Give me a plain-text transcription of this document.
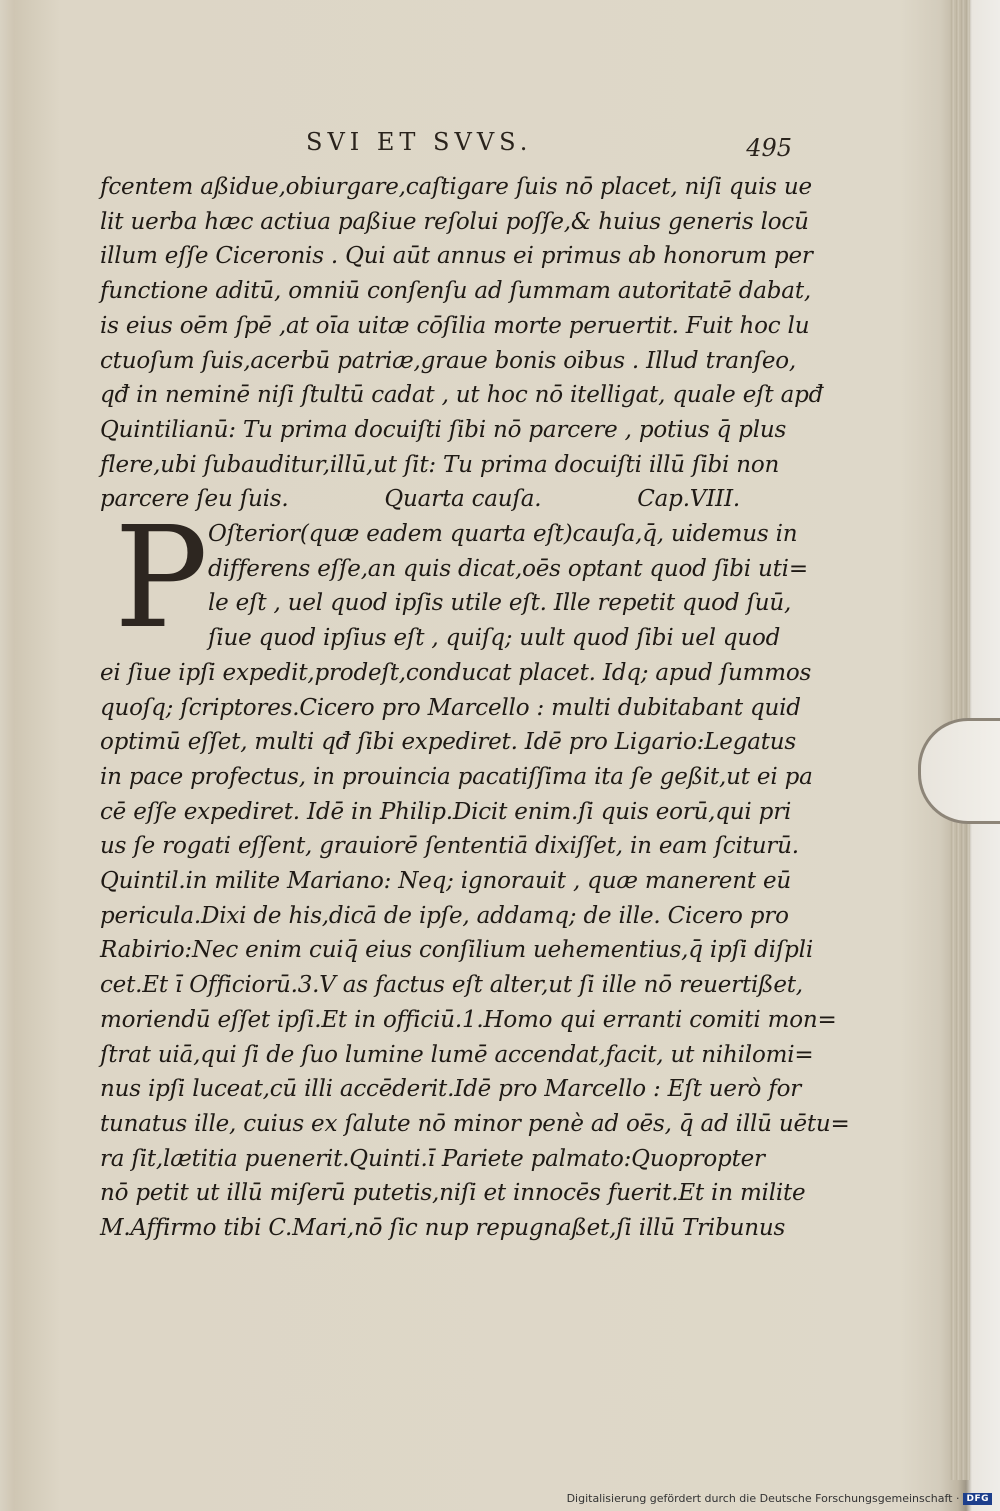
SVI ET SVVS.	495
fcentem aßidue,obiurgare,caſtigare ſuis nō placet, niſi quis ue
lit uerba hæc actiua paßiue reſolui poſſe,& huius generis locū
illum eſſe Ciceronis . Qui aūt annus ei primus ab honorum per
functione aditū, omniū conſenſu ad ſummam autoritatē dabat,
is eius oēm ſpē ,at oīa uitæ cōſilia morte peruertit. Fuit hoc lu
ctuoſum ſuis,acerbū patriæ,graue bonis oibus . Illud tranſeo,
qđ in neminē niſi ſtultū cadat , ut hoc nō itelligat, quale eſt apđ
Quintilianū: Tu prima docuiſti ſibi nō parcere , potius q̄ plus
flere,ubi ſubauditur,illū,ut ſit: Tu prima docuiſti illū ſibi non
parcere ſeu ſuis.	Quarta cauſa.	Cap.VIII.
P Oſterior(quæ eadem quarta eſt)cauſa,q̄, uidemus in
differens eſſe,an quis dicat,oēs optant quod ſibi uti=
le eſt , uel quod ipſis utile eſt. Ille repetit quod ſuū,
ſiue quod ipſius eſt , quiſq; uult quod ſibi uel quod
ei ſiue ipſi expedit,prodeſt,conducat placet. Idq; apud ſummos
quoſq; ſcriptores.Cicero pro Marcello : multi dubitabant quid
optimū eſſet, multi qđ ſibi expediret. Idē pro Ligario:Legatus
in pace profectus, in prouincia pacatiſſima ita ſe geßit,ut ei pa
cē eſſe expediret. Idē in Philip.Dicit enim.ſi quis eorū,qui pri
us ſe rogati eſſent, grauiorē ſententiā dixiſſet, in eam ſciturū.
Quintil.in milite Mariano: Neq; ignorauit , quæ manerent eū
pericula.Dixi de his,dicā de ipſe, addamq; de ille. Cicero pro
Rabirio:Nec enim cuiq̄ eius conſilium uehementius,q̄ ipſi diſpli
cet.Et ī Officiorū.3.V as factus eſt alter,ut ſi ille nō reuertißet,
moriendū eſſet ipſi.Et in officiū.1.Homo qui erranti comiti mon=
ſtrat uiā,qui ſi de ſuo lumine lumē accendat,facit, ut nihilomi=
nus ipſi luceat,cū illi accēderit.Idē pro Marcello : Eſt uerò for
tunatus ille, cuius ex ſalute nō minor penè ad oēs, q̄ ad illū uētu=
ra ſit,lætitia puenerit.Quinti.ī Pariete palmato:Quopropter
nō petit ut illū miſerū putetis,niſi et innocēs fuerit.Et in milite
M.Affirmo tibi C.Mari,nō ſic nup repugnaßet,ſi illū Tribunus
Digitalisierung gefördert durch die Deutsche Forschungsgemeinschaft · DFG
